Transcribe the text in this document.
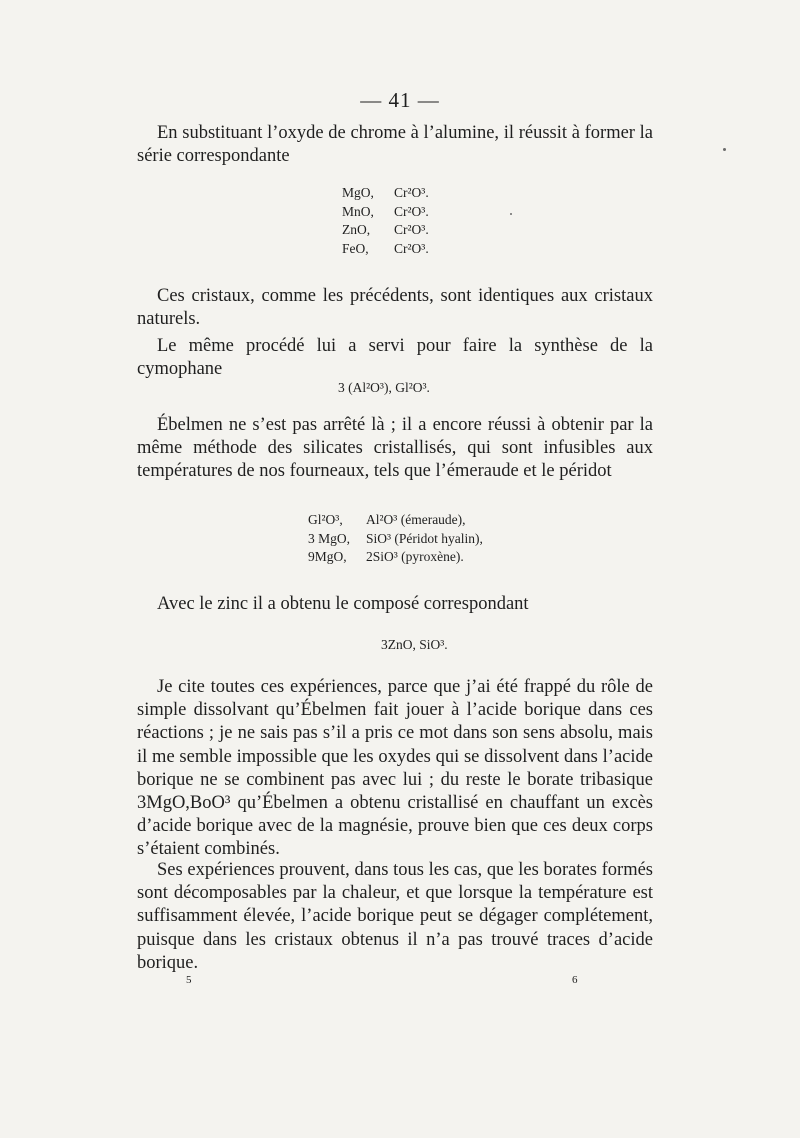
— 41 —

En substituant l’oxyde de chrome à l’alumine, il réussit à former la série correspondante

MgO, Cr²O³.
MnO, Cr²O³.
ZnO, Cr²O³.
FeO, Cr²O³.

Ces cristaux, comme les précédents, sont identiques aux cristaux naturels.

Le même procédé lui a servi pour faire la synthèse de la cymophane

3 (Al²O³), Gl²O³.

Ébelmen ne s’est pas arrêté là ; il a encore réussi à obtenir par la même méthode des silicates cristallisés, qui sont infusibles aux températures de nos fourneaux, tels que l’émeraude et le péridot

Gl²O³, Al²O³ (émeraude),
3 MgO, SiO³ (Péridot hyalin),
9MgO, 2SiO³ (pyroxène).

Avec le zinc il a obtenu le composé correspondant

3ZnO, SiO³.

Je cite toutes ces expériences, parce que j’ai été frappé du rôle de simple dissolvant qu’Ébelmen fait jouer à l’acide borique dans ces réactions ; je ne sais pas s’il a pris ce mot dans son sens absolu, mais il me semble impossible que les oxydes qui se dissolvent dans l’acide borique ne se combinent pas avec lui ; du reste le borate tribasique 3MgO,BoO³ qu’Ébelmen a obtenu cristallisé en chauffant un excès d’acide borique avec de la magnésie, prouve bien que ces deux corps s’étaient combinés.

Ses expériences prouvent, dans tous les cas, que les borates formés sont décomposables par la chaleur, et que lorsque la température est suffisamment élevée, l’acide borique peut se dégager complétement, puisque dans les cristaux obtenus il n’a pas trouvé traces d’acide borique.

5	6
